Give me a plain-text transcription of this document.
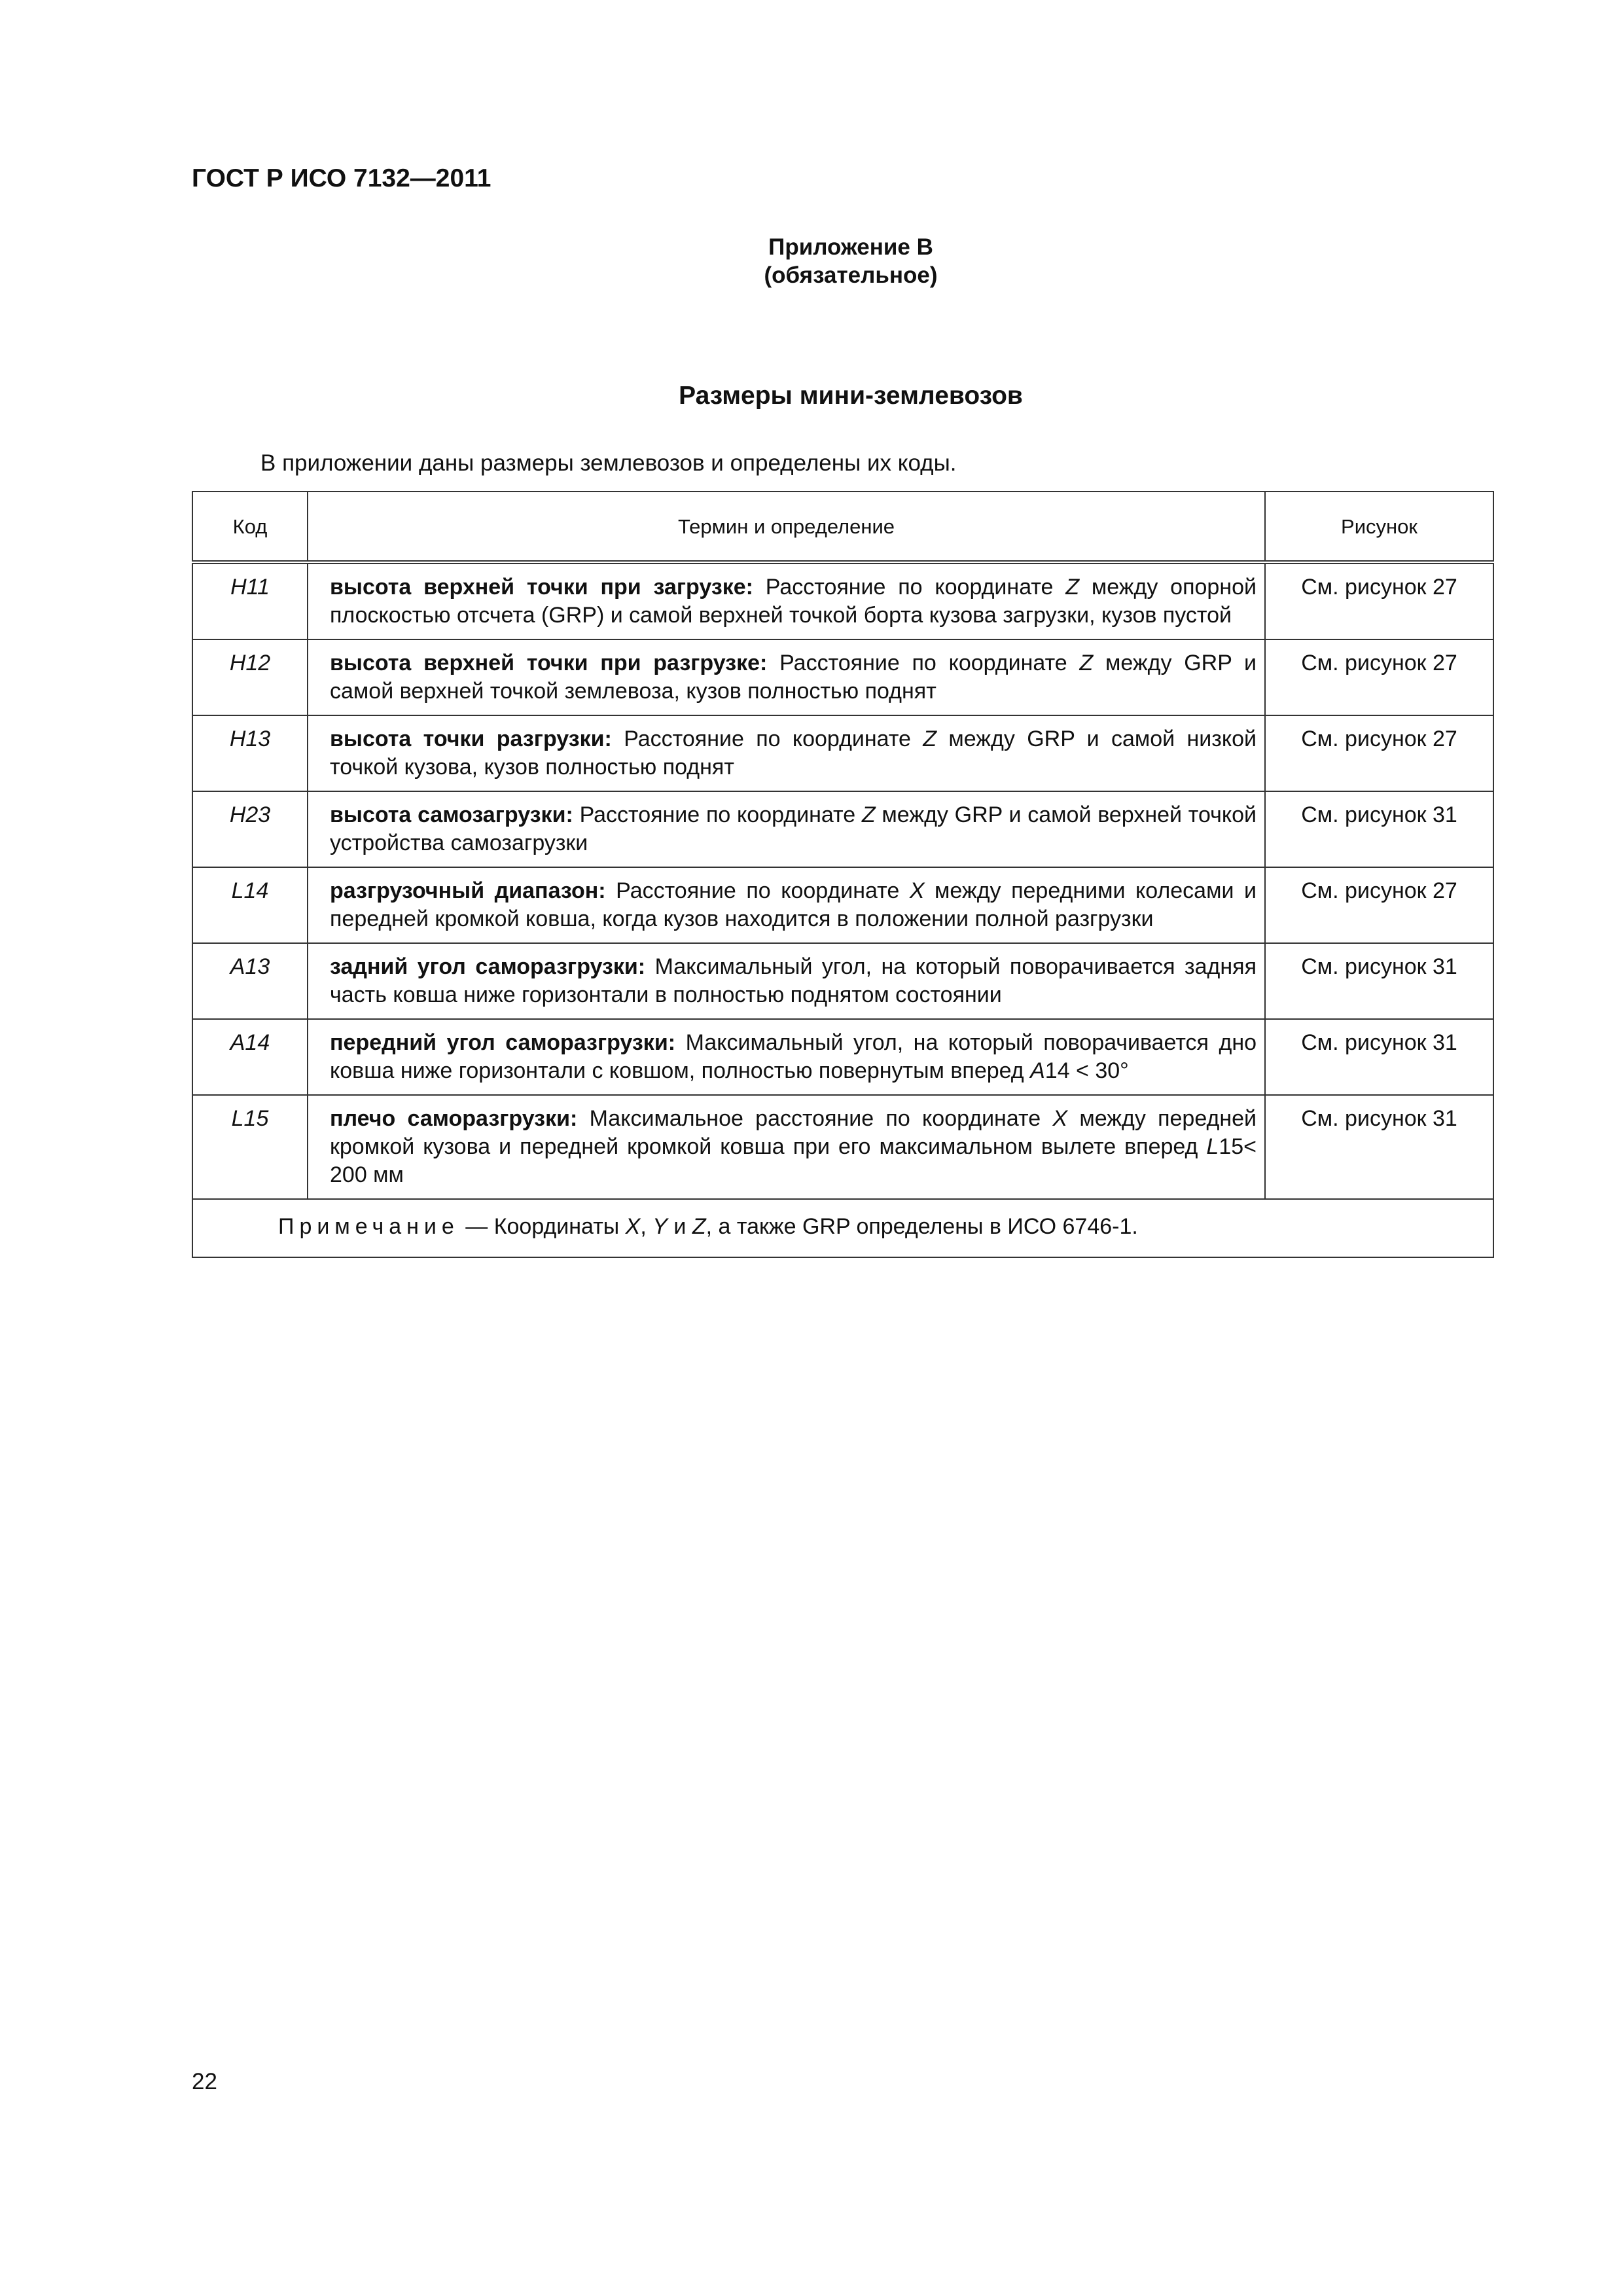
ГОСТ Р ИСО 7132—2011
Приложение В
(обязательное)
Размеры мини-землевозов

В приложении даны размеры землевозов и определены их коды.

Код	Термин и определение	Рисунок
H11	высота верхней точки при загрузке: Расстояние по координате Z между опорной плоскостью отсчета (GRP) и самой верхней точкой борта кузова загрузки, кузов пустой	См. рисунок 27
H12	высота верхней точки при разгрузке: Расстояние по координате Z между GRP и самой верхней точкой землевоза, кузов полностью поднят	См. рисунок 27
H13	высота точки разгрузки: Расстояние по координате Z между GRP и самой низкой точкой кузова, кузов полностью поднят	См. рисунок 27
H23	высота самозагрузки: Расстояние по координате Z между GRP и самой верхней точкой устройства самозагрузки	См. рисунок 31
L14	разгрузочный диапазон: Расстояние по координате X между передними колесами и передней кромкой ковша, когда кузов находится в положении полной разгрузки	См. рисунок 27
A13	задний угол саморазгрузки: Максимальный угол, на который поворачивается задняя часть ковша ниже горизонтали в полностью поднятом состоянии	См. рисунок 31
A14	передний угол саморазгрузки: Максимальный угол, на который поворачивается дно ковша ниже горизонтали с ковшом, полностью повернутым вперед A14 < 30°	См. рисунок 31
L15	плечо саморазгрузки: Максимальное расстояние по координате X между передней кромкой кузова и передней кромкой ковша при его максимальном вылете вперед L15< 200 мм	См. рисунок 31
Примечание — Координаты X, Y и Z, а также GRP определены в ИСО 6746-1.		
22
